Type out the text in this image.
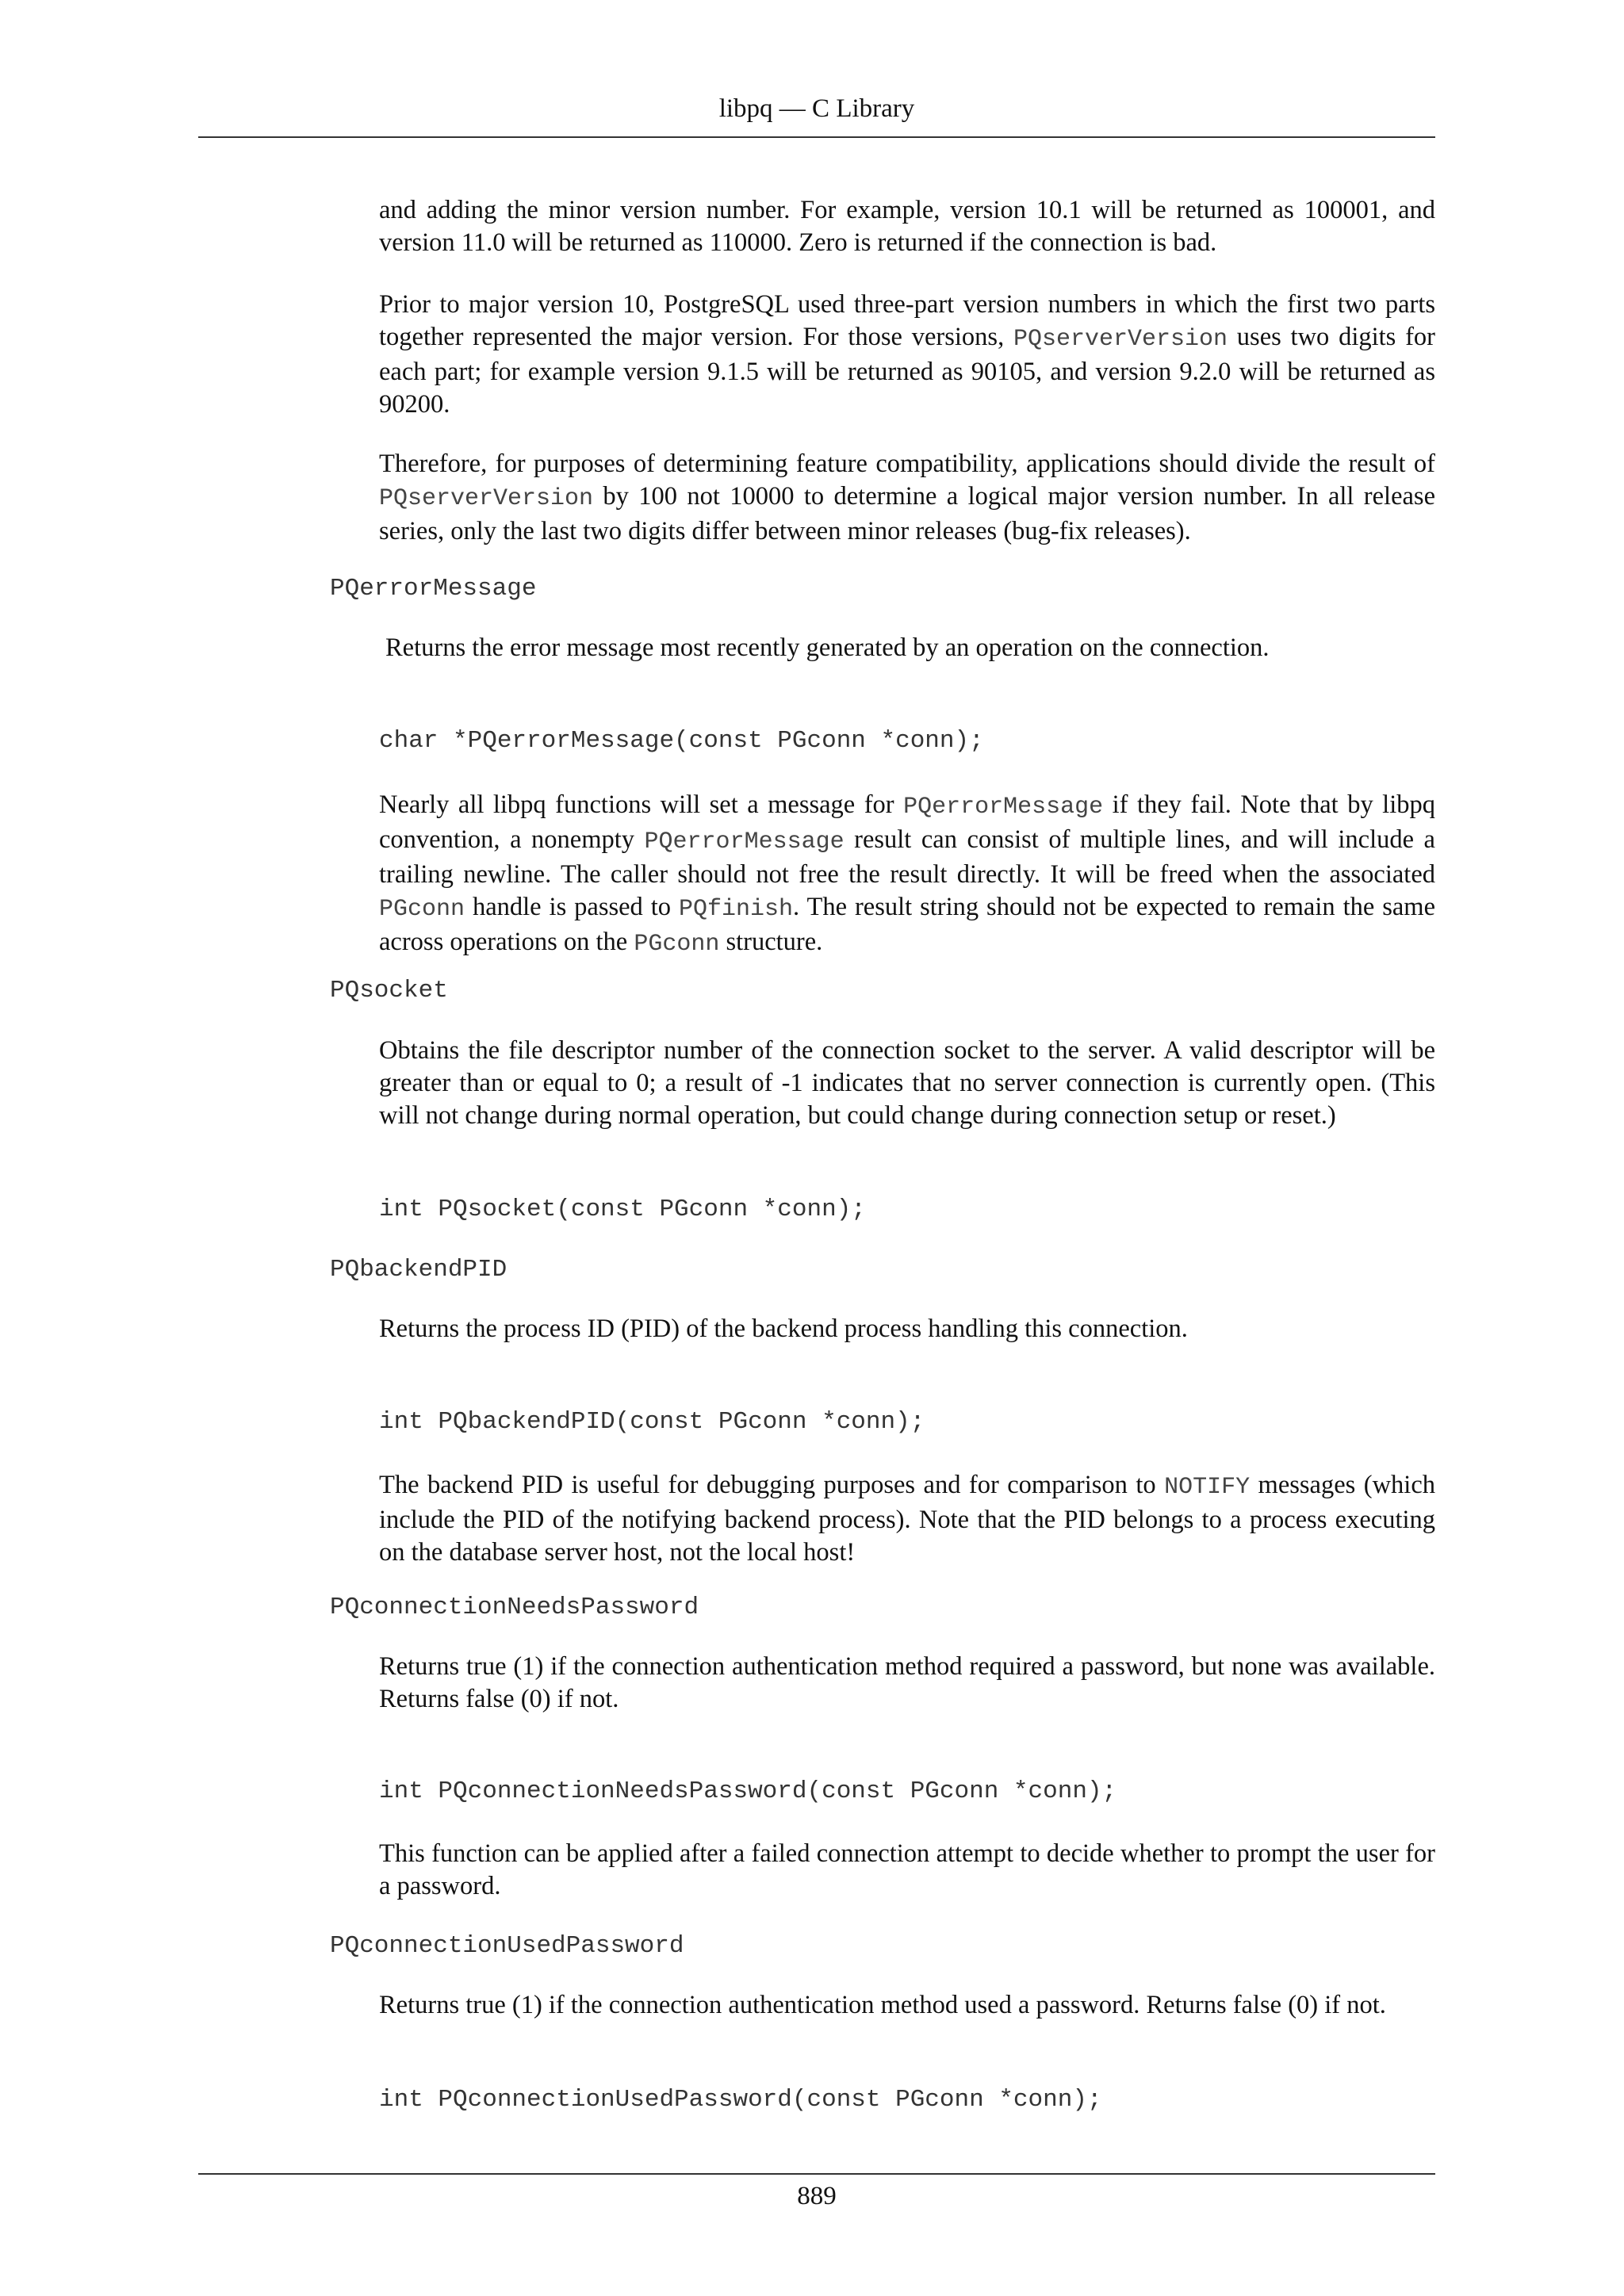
libpq — C Library

and adding the minor version number. For example, version 10.1 will be returned as 100001, and version 11.0 will be returned as 110000. Zero is returned if the connection is bad.

Prior to major version 10, PostgreSQL used three-part version numbers in which the first two parts together represented the major version. For those versions, PQserverVersion uses two digits for each part; for example version 9.1.5 will be returned as 90105, and version 9.2.0 will be returned as 90200.

Therefore, for purposes of determining feature compatibility, applications should divide the result of PQserverVersion by 100 not 10000 to determine a logical major version number. In all release series, only the last two digits differ between minor releases (bug-fix releases).

PQerrorMessage

Returns the error message most recently generated by an operation on the connection.

char *PQerrorMessage(const PGconn *conn);

Nearly all libpq functions will set a message for PQerrorMessage if they fail. Note that by libpq convention, a nonempty PQerrorMessage result can consist of multiple lines, and will include a trailing newline. The caller should not free the result directly. It will be freed when the associated PGconn handle is passed to PQfinish. The result string should not be expected to remain the same across operations on the PGconn structure.

PQsocket

Obtains the file descriptor number of the connection socket to the server. A valid descriptor will be greater than or equal to 0; a result of -1 indicates that no server connection is currently open. (This will not change during normal operation, but could change during connection setup or reset.)

int PQsocket(const PGconn *conn);
PQbackendPID

Returns the process ID (PID) of the backend process handling this connection.

int PQbackendPID(const PGconn *conn);

The backend PID is useful for debugging purposes and for comparison to NOTIFY messages (which include the PID of the notifying backend process). Note that the PID belongs to a process executing on the database server host, not the local host!

PQconnectionNeedsPassword

Returns true (1) if the connection authentication method required a password, but none was available. Returns false (0) if not.

int PQconnectionNeedsPassword(const PGconn *conn);

This function can be applied after a failed connection attempt to decide whether to prompt the user for a password.

PQconnectionUsedPassword

Returns true (1) if the connection authentication method used a password. Returns false (0) if not.

int PQconnectionUsedPassword(const PGconn *conn);
889
